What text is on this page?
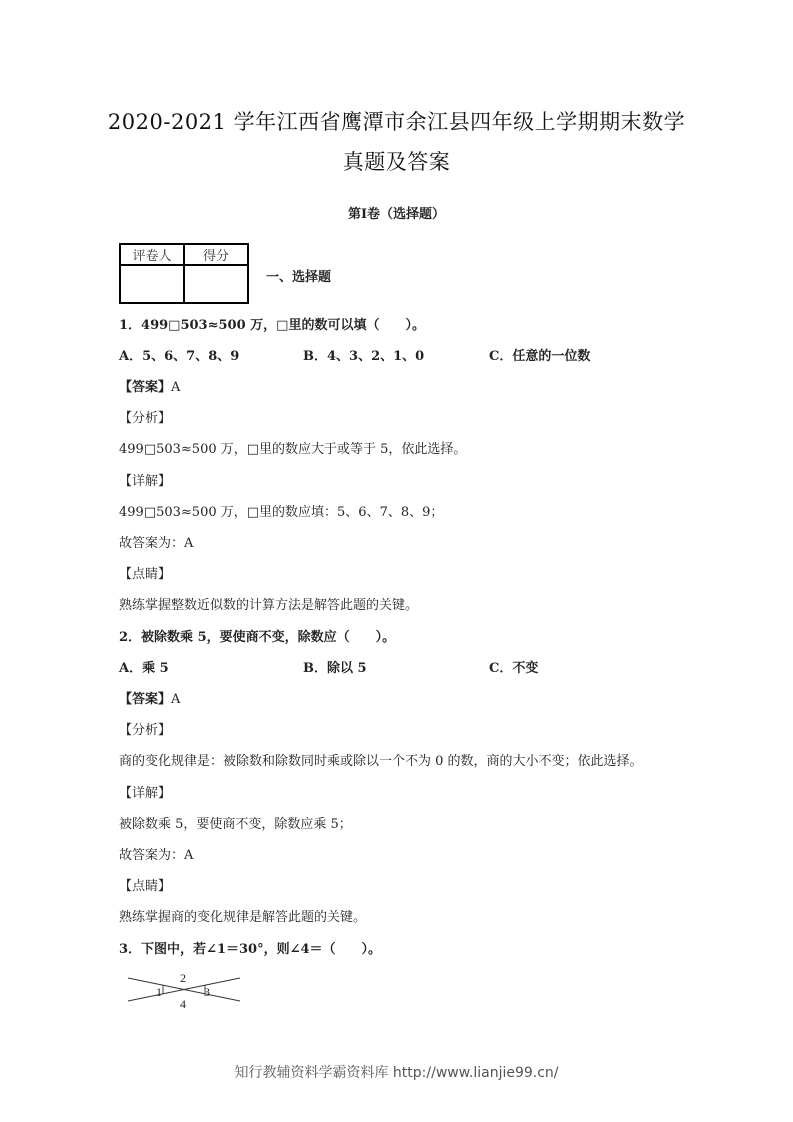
2020-2021 学年江西省鹰潭市余江县四年级上学期期末数学
真题及答案
第Ⅰ卷（选择题）
评卷人	得分

一、选择题
1．499□503≈500 万，□里的数可以填（　　）。
A．5、6、7、8、9	B．4、3、2、1、0	C．任意的一位数
【答案】A
【分析】
499□503≈500 万，□里的数应大于或等于 5，依此选择。
【详解】
499□503≈500 万，□里的数应填：5、6、7、8、9；
故答案为：A
【点睛】
熟练掌握整数近似数的计算方法是解答此题的关键。
2．被除数乘 5，要使商不变，除数应（　　）。
A．乘 5	B．除以 5	C．不变
【答案】A
【分析】
商的变化规律是：被除数和除数同时乘或除以一个不为 0 的数，商的大小不变；依此选择。
【详解】
被除数乘 5，要使商不变，除数应乘 5；
故答案为：A
【点睛】
熟练掌握商的变化规律是解答此题的关键。
3．下图中，若∠1＝30°，则∠4＝（　　）。
1
2
3
4
知行教辅资料学霸资料库 http://www.lianjie99.cn/
